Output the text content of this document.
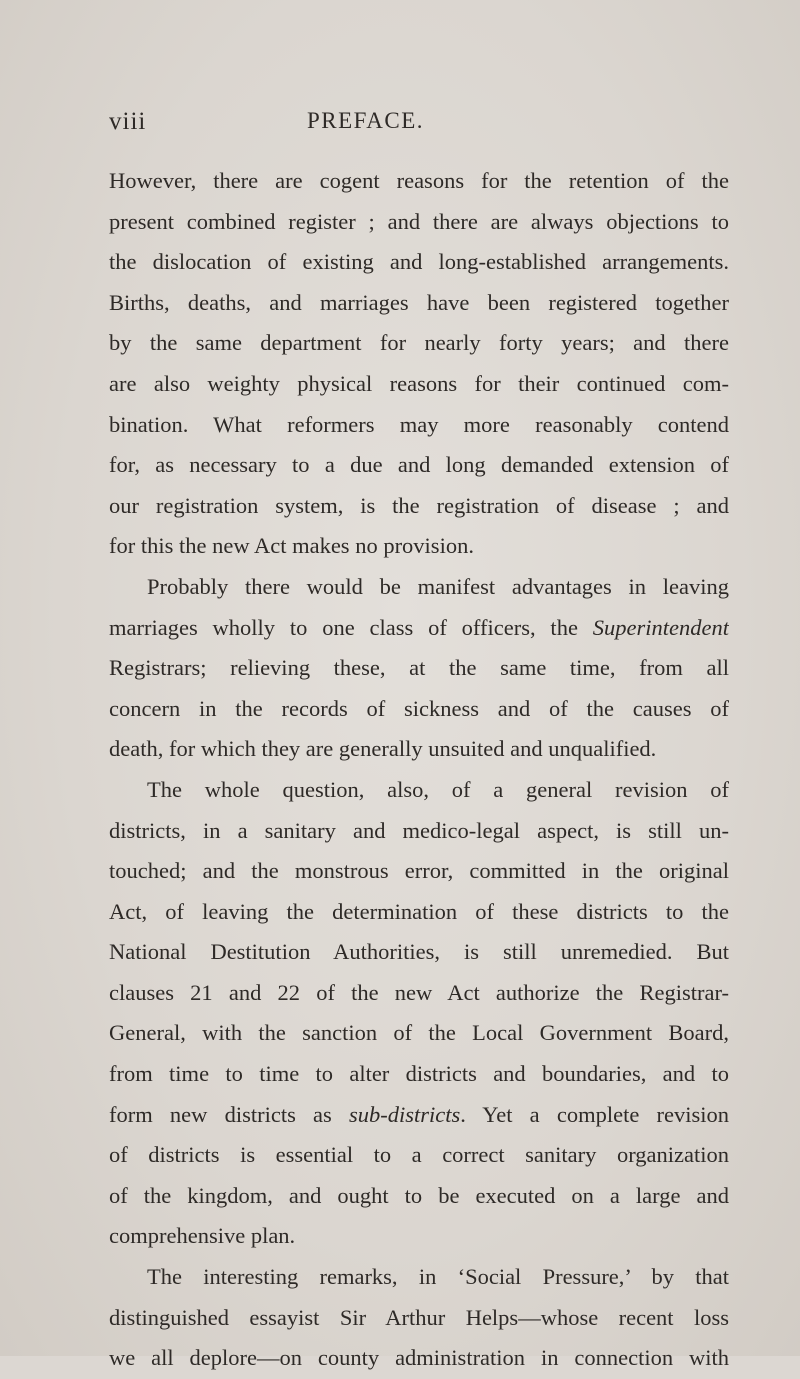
viii	PREFACE.
However, there are cogent reasons for the retention of the
present combined register ; and there are always objections to
the dislocation of existing and long-established arrangements.
Births, deaths, and marriages have been registered together
by the same department for nearly forty years; and there
are also weighty physical reasons for their continued com-
bination. What reformers may more reasonably contend
for, as necessary to a due and long demanded extension of
our registration system, is the registration of disease ; and
for this the new Act makes no provision.
Probably there would be manifest advantages in leaving
marriages wholly to one class of officers, the Superintendent
Registrars; relieving these, at the same time, from all
concern in the records of sickness and of the causes of
death, for which they are generally unsuited and unqualified.
The whole question, also, of a general revision of
districts, in a sanitary and medico-legal aspect, is still un-
touched; and the monstrous error, committed in the original
Act, of leaving the determination of these districts to the
National Destitution Authorities, is still unremedied. But
clauses 21 and 22 of the new Act authorize the Registrar-
General, with the sanction of the Local Government Board,
from time to time to alter districts and boundaries, and to
form new districts as sub-districts. Yet a complete revision
of districts is essential to a correct sanitary organization
of the kingdom, and ought to be executed on a large and
comprehensive plan.
The interesting remarks, in ‘Social Pressure,’ by that
distinguished essayist Sir Arthur Helps—whose recent loss
we all deplore—on county administration in connection with
